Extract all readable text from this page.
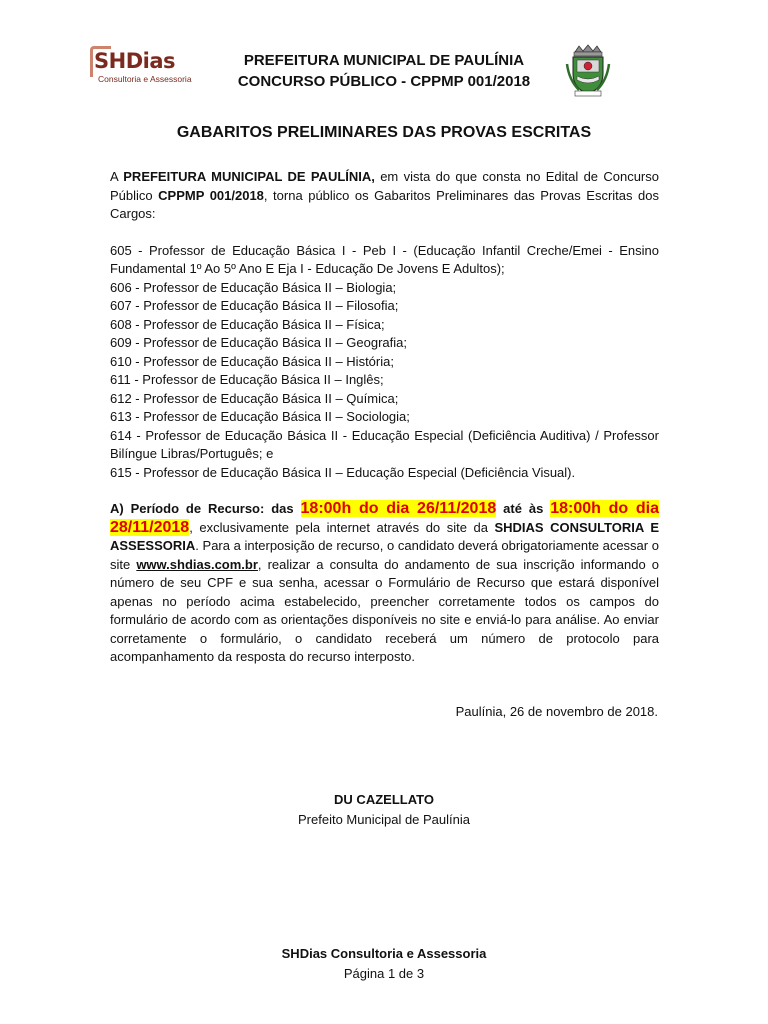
SHDias
Consultoria e Assessoria
PREFEITURA MUNICIPAL DE PAULÍNIA
CONCURSO PÚBLICO - CPPMP 001/2018
GABARITOS PRELIMINARES DAS PROVAS ESCRITAS

A PREFEITURA MUNICIPAL DE PAULÍNIA, em vista do que consta no Edital de Concurso Público CPPMP 001/2018, torna público os Gabaritos Preliminares das Provas Escritas dos Cargos:

605 - Professor de Educação Básica I - Peb I - (Educação Infantil Creche/Emei - Ensino Fundamental 1º Ao 5º Ano E Eja I - Educação De Jovens E Adultos);
606 - Professor de Educação Básica II – Biologia;
607 - Professor de Educação Básica II – Filosofia;
608 - Professor de Educação Básica II – Física;
609 - Professor de Educação Básica II – Geografia;
610 - Professor de Educação Básica II – História;
611 - Professor de Educação Básica II – Inglês;
612 - Professor de Educação Básica II – Química;
613 - Professor de Educação Básica II – Sociologia;
614 - Professor de Educação Básica II - Educação Especial (Deficiência Auditiva) / Professor Bilíngue Libras/Português; e
615 - Professor de Educação Básica II – Educação Especial (Deficiência Visual).

A) Período de Recurso: das 18:00h do dia 26/11/2018 até às 18:00h do dia 28/11/2018, exclusivamente pela internet através do site da SHDIAS CONSULTORIA E ASSESSORIA. Para a interposição de recurso, o candidato deverá obrigatoriamente acessar o site www.shdias.com.br, realizar a consulta do andamento de sua inscrição informando o número de seu CPF e sua senha, acessar o Formulário de Recurso que estará disponível apenas no período acima estabelecido, preencher corretamente todos os campos do formulário de acordo com as orientações disponíveis no site e enviá-lo para análise. Ao enviar corretamente o formulário, o candidato receberá um número de protocolo para acompanhamento da resposta do recurso interposto.

Paulínia, 26 de novembro de 2018.
DU CAZELLATO
Prefeito Municipal de Paulínia
SHDias Consultoria e Assessoria
Página 1 de 3
